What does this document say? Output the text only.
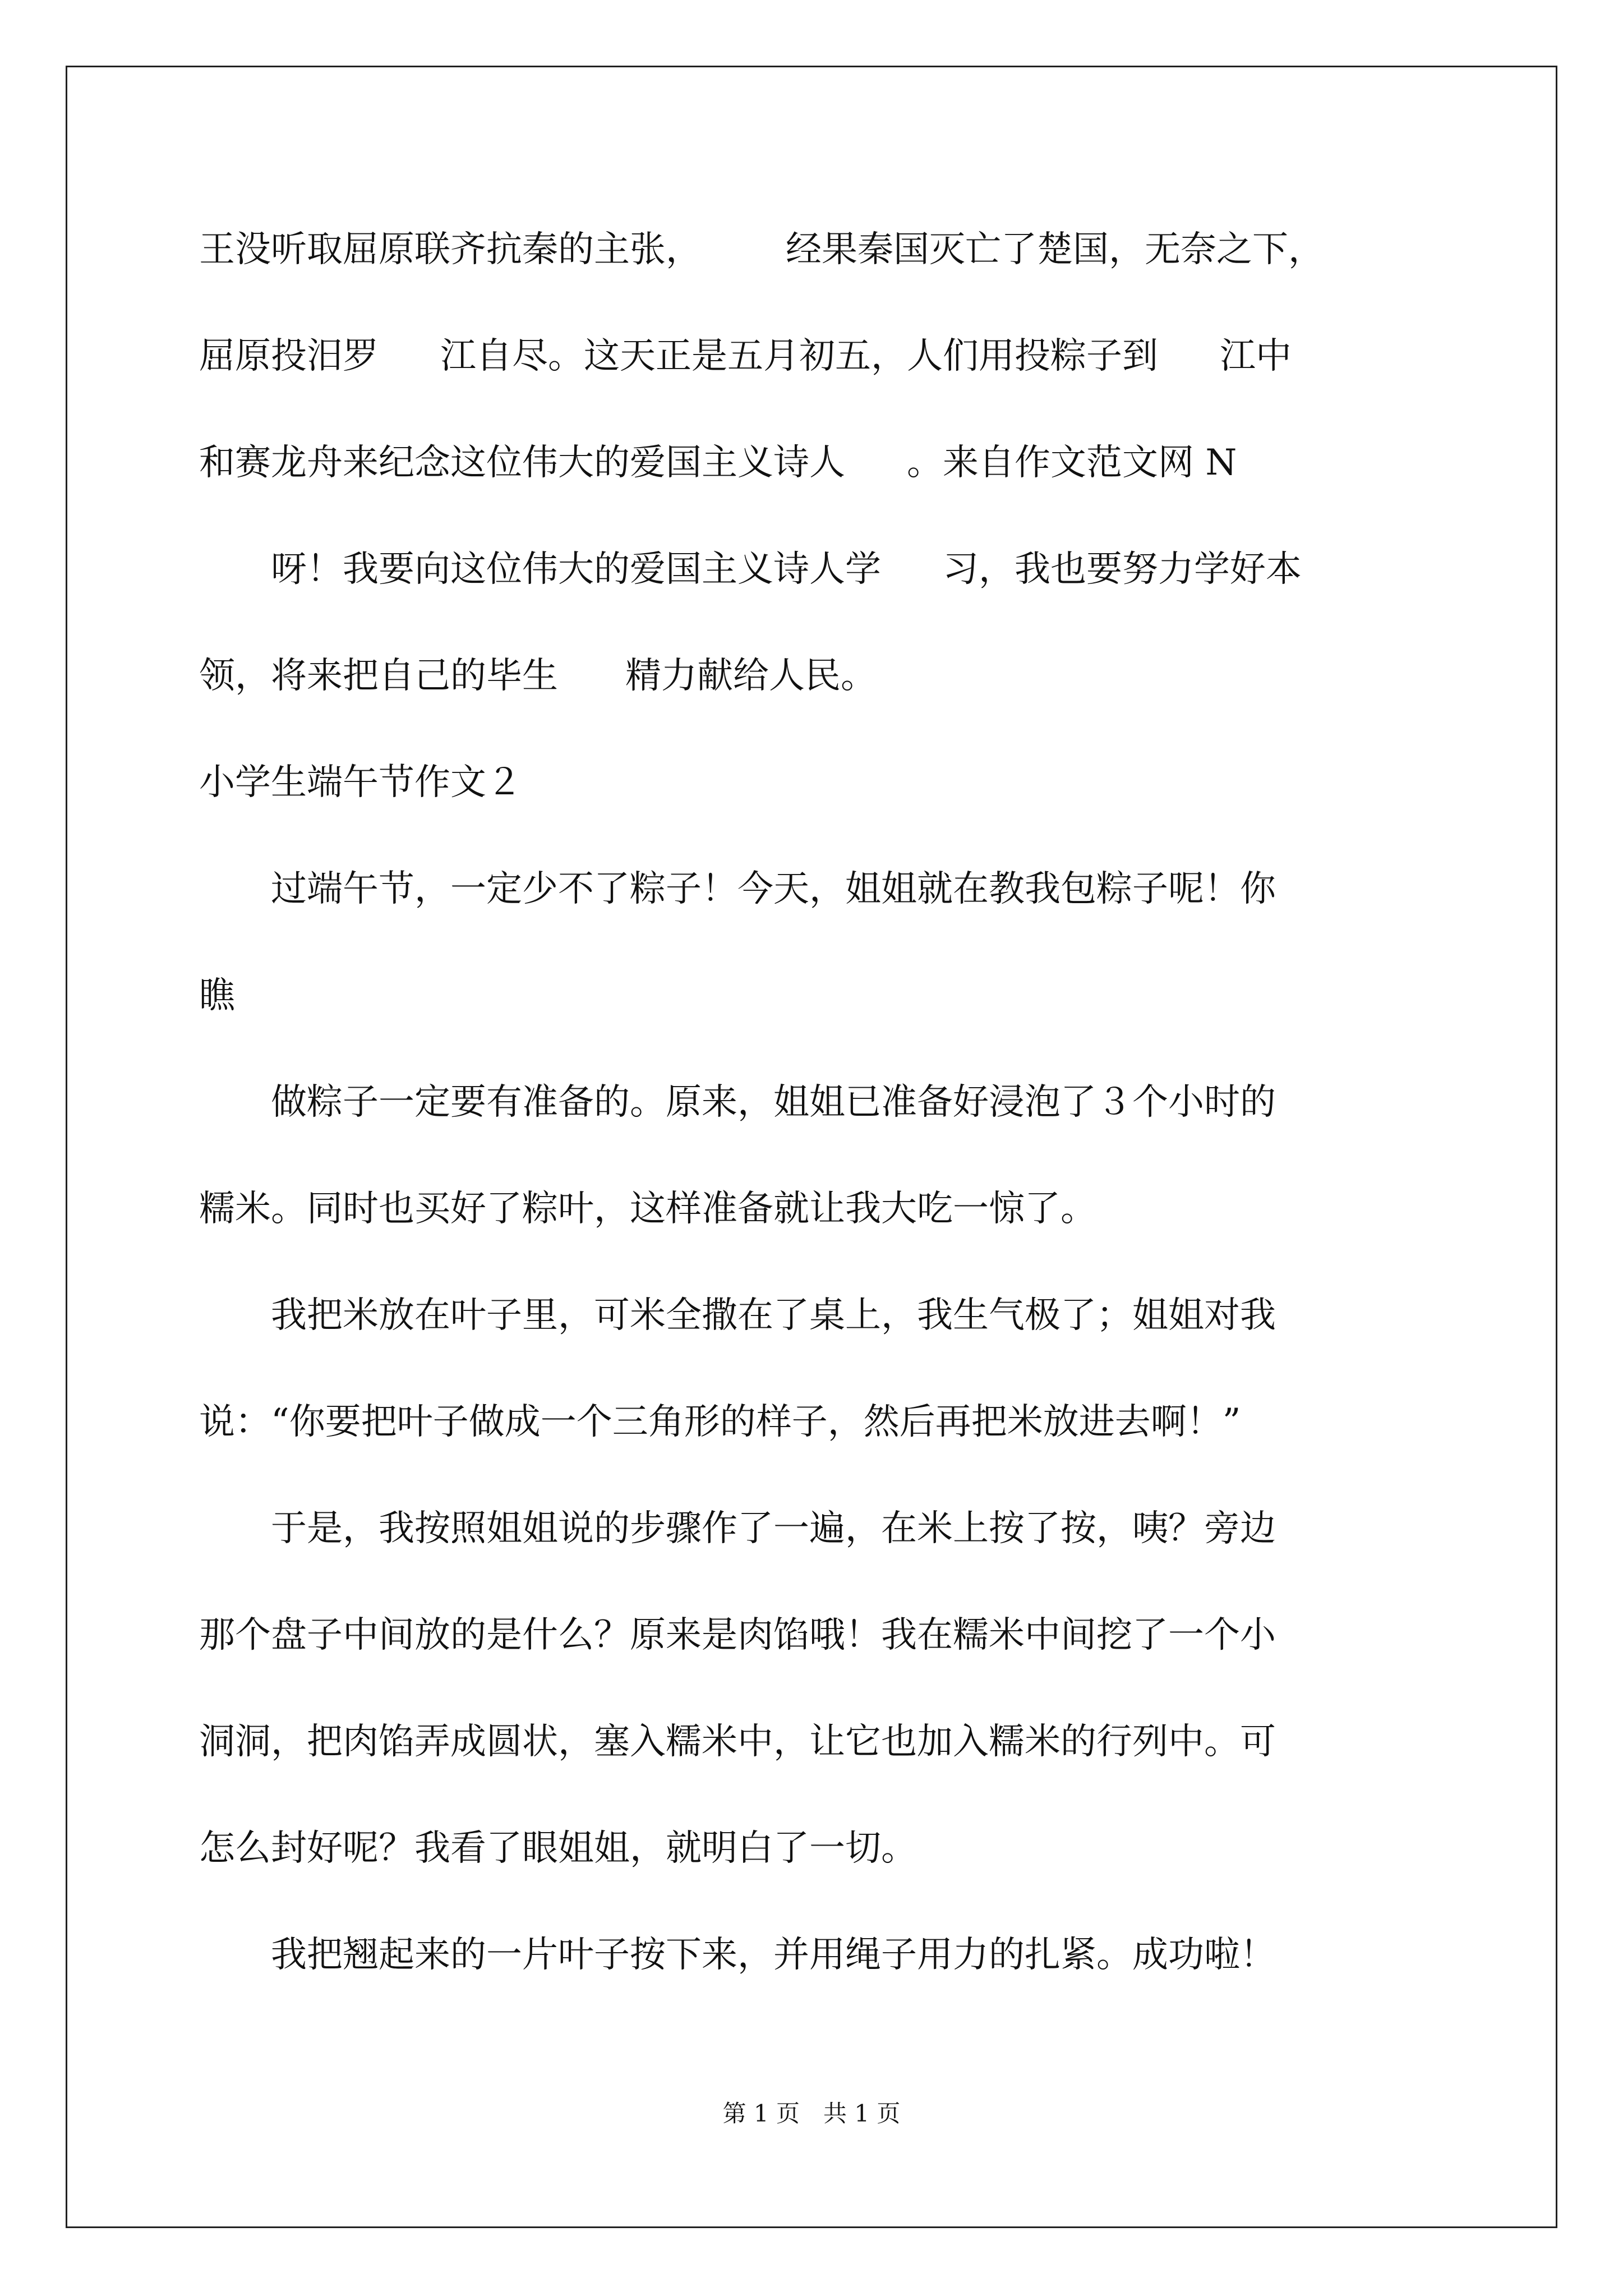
王没听取屈原联齐抗秦的主张， 经果秦国灭亡了楚国，无奈之下，

屈原投汨罗 江自尽。这天正是五月初五，人们用投粽子到 江中

和赛龙舟来纪念这位伟大的爱国主义诗人 。来自作文范文网 N

　　呀！我要向这位伟大的爱国主义诗人学 习，我也要努力学好本

领，将来把自己的毕生 精力献给人民。

小学生端午节作文２

　　过端午节，一定少不了粽子！今天，姐姐就在教我包粽子呢！你

瞧

　　做粽子一定要有准备的。原来，姐姐已准备好浸泡了３个小时的

糯米。同时也买好了粽叶，这样准备就让我大吃一惊了。

　　我把米放在叶子里，可米全撒在了桌上，我生气极了；姐姐对我

说：“你要把叶子做成一个三角形的样子，然后再把米放进去啊！”

　　于是，我按照姐姐说的步骤作了一遍，在米上按了按，咦？旁边

那个盘子中间放的是什么？原来是肉馅哦！我在糯米中间挖了一个小

洞洞，把肉馅弄成圆状，塞入糯米中，让它也加入糯米的行列中。可

怎么封好呢？我看了眼姐姐，就明白了一切。

　　我把翘起来的一片叶子按下来，并用绳子用力的扎紧。成功啦！

第 1 页　共 1 页
